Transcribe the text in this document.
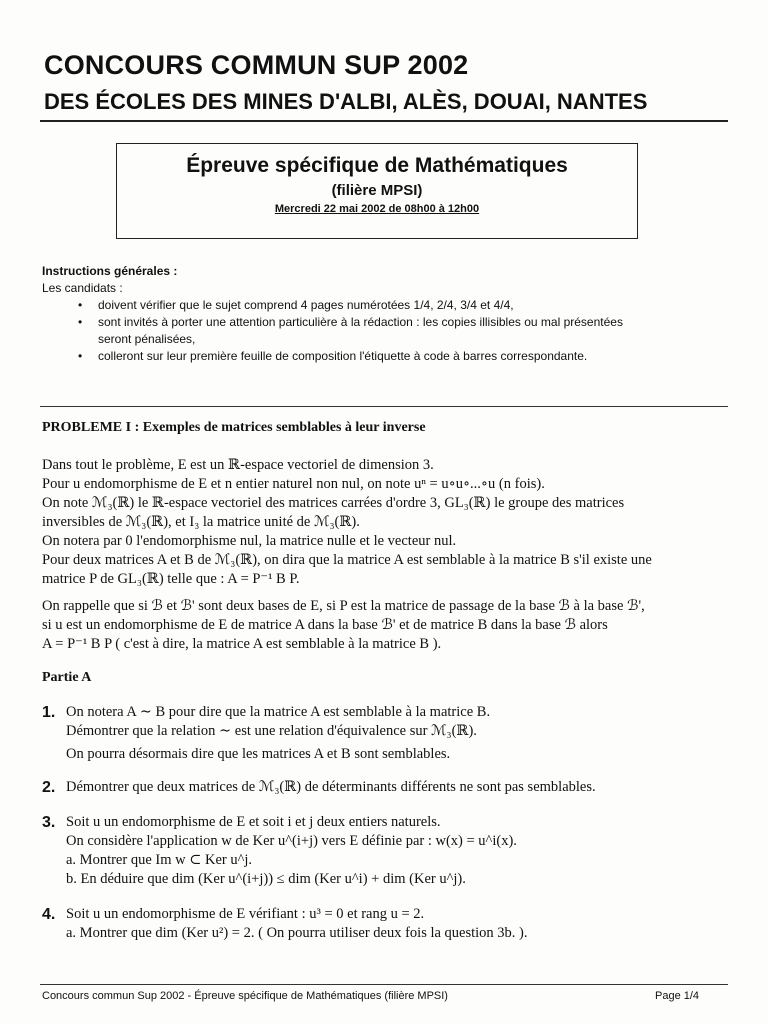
CONCOURS COMMUN SUP 2002
DES ÉCOLES DES MINES D'ALBI, ALÈS, DOUAI, NANTES
Épreuve spécifique de Mathématiques
(filière MPSI)
Mercredi 22 mai 2002 de 08h00 à 12h00
Instructions générales :
Les candidats :
• doivent vérifier que le sujet comprend 4 pages numérotées 1/4, 2/4, 3/4 et 4/4,
• sont invités à porter une attention particulière à la rédaction : les copies illisibles ou mal présentées
seront pénalisées,
• colleront sur leur première feuille de composition l'étiquette à code à barres correspondante.
PROBLEME I : Exemples de matrices semblables à leur inverse
Dans tout le problème, E est un ℝ-espace vectoriel de dimension 3.
Pour u endomorphisme de E et n entier naturel non nul, on note uⁿ = u∘u∘...∘u (n fois).
On note ℳ₃(ℝ) le ℝ-espace vectoriel des matrices carrées d'ordre 3, GL₃(ℝ) le groupe des matrices
inversibles de ℳ₃(ℝ), et I₃ la matrice unité de ℳ₃(ℝ).
On notera par 0 l'endomorphisme nul, la matrice nulle et le vecteur nul.
Pour deux matrices A et B de ℳ₃(ℝ), on dira que la matrice A est semblable à la matrice B s'il existe une
matrice P de GL₃(ℝ) telle que : A = P⁻¹ B P.
On rappelle que si ℬ et ℬ' sont deux bases de E, si P est la matrice de passage de la base ℬ à la base ℬ',
si u est un endomorphisme de E de matrice A dans la base ℬ' et de matrice B dans la base ℬ alors
A = P⁻¹ B P ( c'est à dire, la matrice A est semblable à la matrice B ).
Partie A
1. On notera A ∼ B pour dire que la matrice A est semblable à la matrice B.
Démontrer que la relation ∼ est une relation d'équivalence sur ℳ₃(ℝ).
On pourra désormais dire que les matrices A et B sont semblables.
2. Démontrer que deux matrices de ℳ₃(ℝ) de déterminants différents ne sont pas semblables.
3. Soit u un endomorphisme de E et soit i et j deux entiers naturels.
On considère l'application w de Ker u^(i+j) vers E définie par : w(x) = u^i(x).
a. Montrer que Im w ⊂ Ker u^j.
b. En déduire que dim (Ker u^(i+j)) ≤ dim (Ker u^i) + dim (Ker u^j).
4. Soit u un endomorphisme de E vérifiant : u³ = 0 et rang u = 2.
a. Montrer que dim (Ker u²) = 2. ( On pourra utiliser deux fois la question 3b. ).
Concours commun Sup 2002 - Épreuve spécifique de Mathématiques (filière MPSI)	Page 1/4
